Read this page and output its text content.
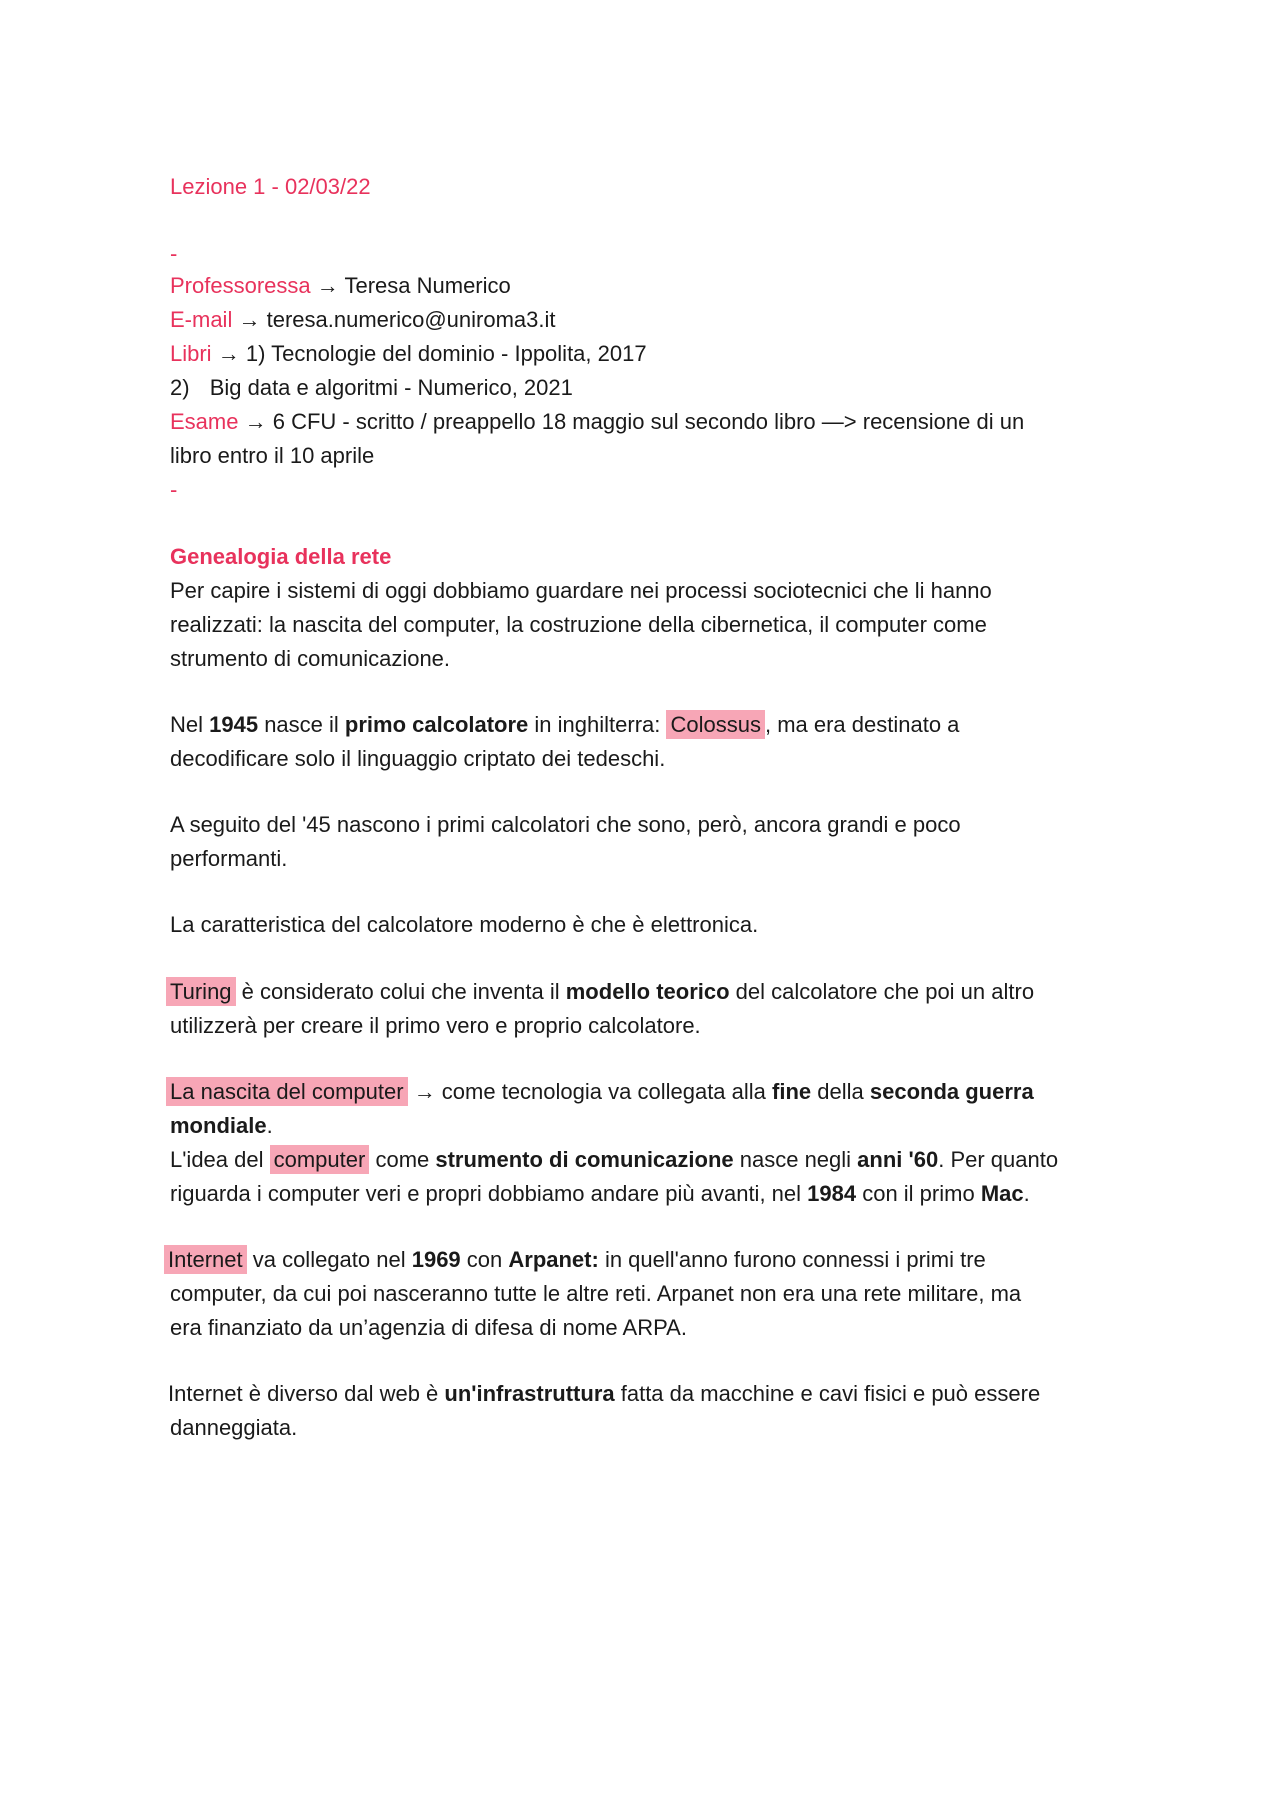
Lezione 1 - 02/03/22
-
Professoressa → Teresa Numerico
E-mail → teresa.numerico@uniroma3.it
Libri → 1) Tecnologie del dominio - Ippolita, 2017
2) Big data e algoritmi - Numerico, 2021
Esame → 6 CFU - scritto / preappello 18 maggio sul secondo libro —> recensione di un
libro entro il 10 aprile
-
Genealogia della rete
Per capire i sistemi di oggi dobbiamo guardare nei processi sociotecnici che li hanno
realizzati: la nascita del computer, la costruzione della cibernetica, il computer come
strumento di comunicazione.
Nel 1945 nasce il primo calcolatore in inghilterra: Colossus , ma era destinato a
decodificare solo il linguaggio criptato dei tedeschi.
A seguito del '45 nascono i primi calcolatori che sono, però, ancora grandi e poco
performanti.
La caratteristica del calcolatore moderno è che è elettronica.
Turing è considerato colui che inventa il modello teorico del calcolatore che poi un altro
utilizzerà per creare il primo vero e proprio calcolatore.
La nascita del computer → come tecnologia va collegata alla fine della seconda guerra
mondiale.
L'idea del computer come strumento di comunicazione nasce negli anni '60. Per quanto
riguarda i computer veri e propri dobbiamo andare più avanti, nel 1984 con il primo Mac.
Internet va collegato nel 1969 con Arpanet: in quell'anno furono connessi i primi tre
computer, da cui poi nasceranno tutte le altre reti. Arpanet non era una rete militare, ma
era finanziato da un’agenzia di difesa di nome ARPA.
Internet è diverso dal web è un'infrastruttura fatta da macchine e cavi fisici e può essere
danneggiata.
